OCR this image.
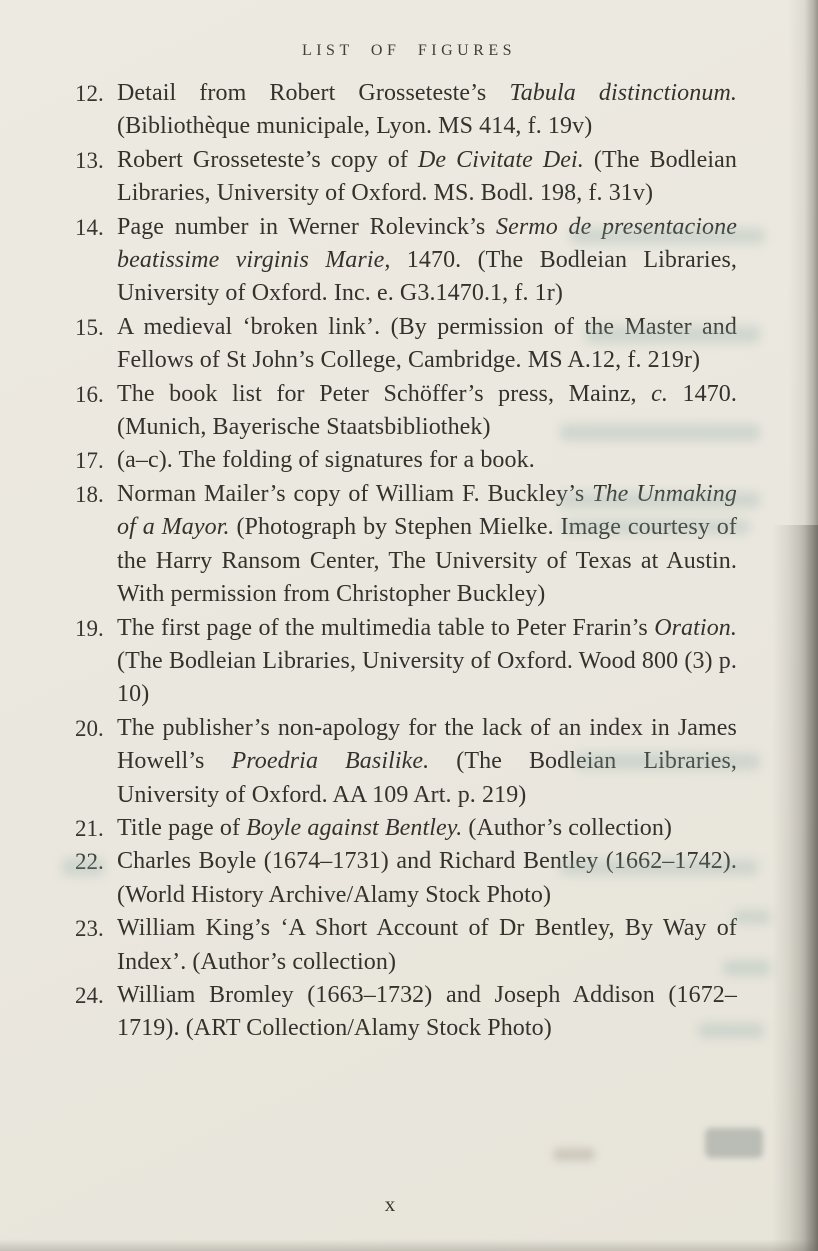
LIST OF FIGURES
12. Detail from Robert Grosseteste’s Tabula distinctionum. (Bibliothèque municipale, Lyon. MS 414, f. 19v)
13. Robert Grosseteste’s copy of De Civitate Dei. (The Bodleian Libraries, University of Oxford. MS. Bodl. 198, f. 31v)
14. Page number in Werner Rolevinck’s Sermo de presentacione beatissime virginis Marie, 1470. (The Bodleian Libraries, University of Oxford. Inc. e. G3.1470.1, f. 1r)
15. A medieval ‘broken link’. (By permission of the Master and Fellows of St John’s College, Cambridge. MS A.12, f. 219r)
16. The book list for Peter Schöffer’s press, Mainz, c. 1470. (Munich, Bayerische Staatsbibliothek)
17. (a–c). The folding of signatures for a book.
18. Norman Mailer’s copy of William F. Buckley’s The Unmaking of a Mayor. (Photograph by Stephen Mielke. Image courtesy of the Harry Ransom Center, The University of Texas at Austin. With permission from Christopher Buckley)
19. The first page of the multimedia table to Peter Frarin’s Oration. (The Bodleian Libraries, University of Oxford. Wood 800 (3) p. 10)
20. The publisher’s non-apology for the lack of an index in James Howell’s Proedria Basilike. (The Bodleian Libraries, University of Oxford. AA 109 Art. p. 219)
21. Title page of Boyle against Bentley. (Author’s collection)
22. Charles Boyle (1674–1731) and Richard Bentley (1662–1742). (World History Archive/Alamy Stock Photo)
23. William King’s ‘A Short Account of Dr Bentley, By Way of Index’. (Author’s collection)
24. William Bromley (1663–1732) and Joseph Addison (1672–1719). (ART Collection/Alamy Stock Photo)
x
